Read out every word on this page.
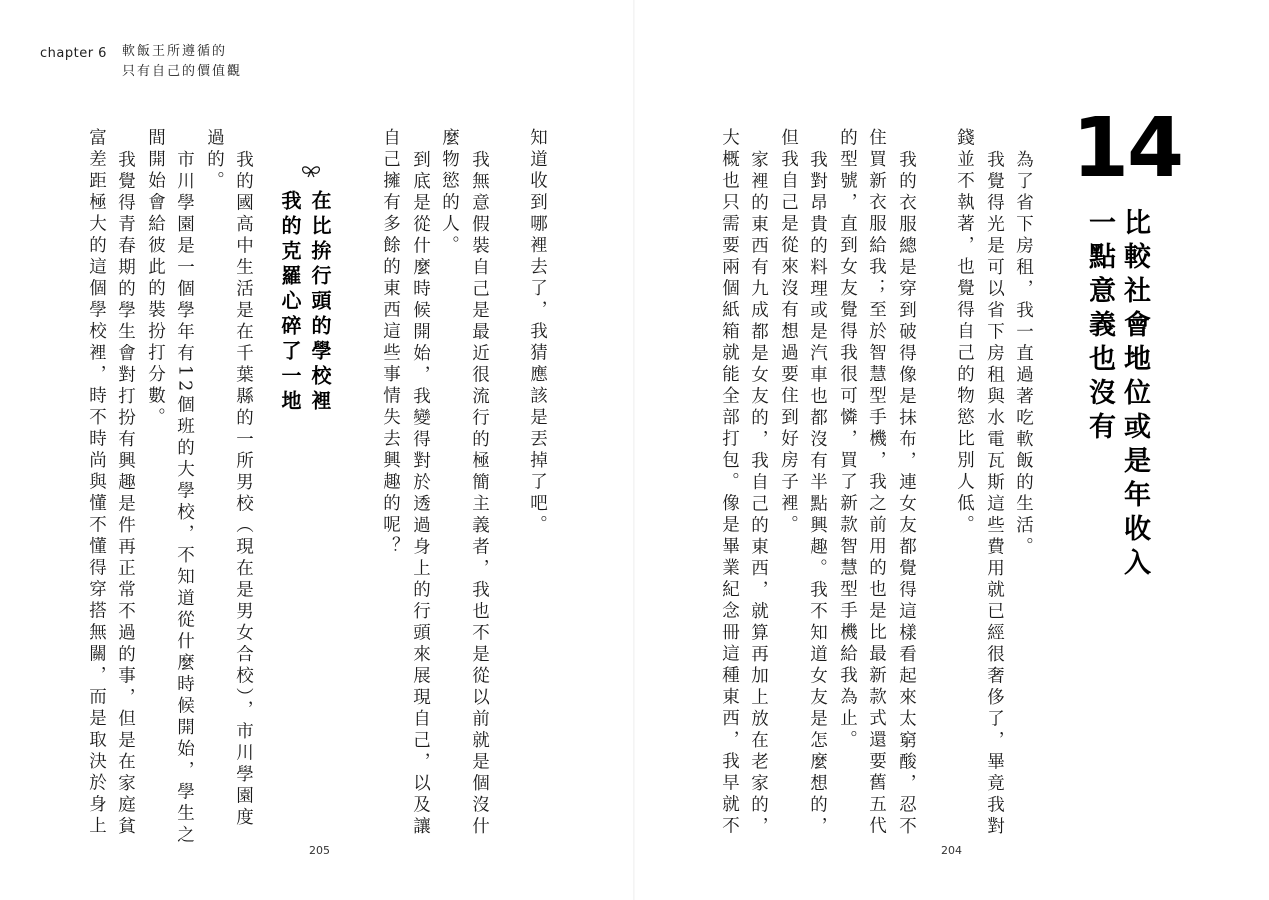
chapter 6 軟飯王所遵循的
只有自己的價值觀
知道收到哪裡去了，我猜應該是丟掉了吧。
我無意假裝自己是最近很流行的極簡主義者，我也不是從以前就是個沒什
麼物慾的人。
到底是從什麼時候開始，我變得對於透過身上的行頭來展現自己，以及讓
自己擁有多餘的東西這些事情失去興趣的呢？
在比拚行頭的學校裡
我的克羅心碎了一地
我的國高中生活是在千葉縣的一所男校（現在是男女合校），市川學園度
過的。
市川學園是一個學年有12個班的大學校，不知道從什麼時候開始，學生之
間開始會給彼此的裝扮打分數。
我覺得青春期的學生會對打扮有興趣是件再正常不過的事，但是在家庭貧
富差距極大的這個學校裡，時不時尚與懂不懂得穿搭無關，而是取決於身上
205
14
比較社會地位或是年收入
一點意義也沒有
為了省下房租，我一直過著吃軟飯的生活。
我覺得光是可以省下房租與水電瓦斯這些費用就已經很奢侈了，畢竟我對
錢並不執著，也覺得自己的物慾比別人低。
我的衣服總是穿到破得像是抹布，連女友都覺得這樣看起來太窮酸，忍不
住買新衣服給我；至於智慧型手機，我之前用的也是比最新款式還要舊五代
的型號，直到女友覺得我很可憐，買了新款智慧型手機給我為止。
我對昂貴的料理或是汽車也都沒有半點興趣。我不知道女友是怎麼想的，
但我自己是從來沒有想過要住到好房子裡。
家裡的東西有九成都是女友的，我自己的東西，就算再加上放在老家的，
大概也只需要兩個紙箱就能全部打包。像是畢業紀念冊這種東西，我早就不
204
